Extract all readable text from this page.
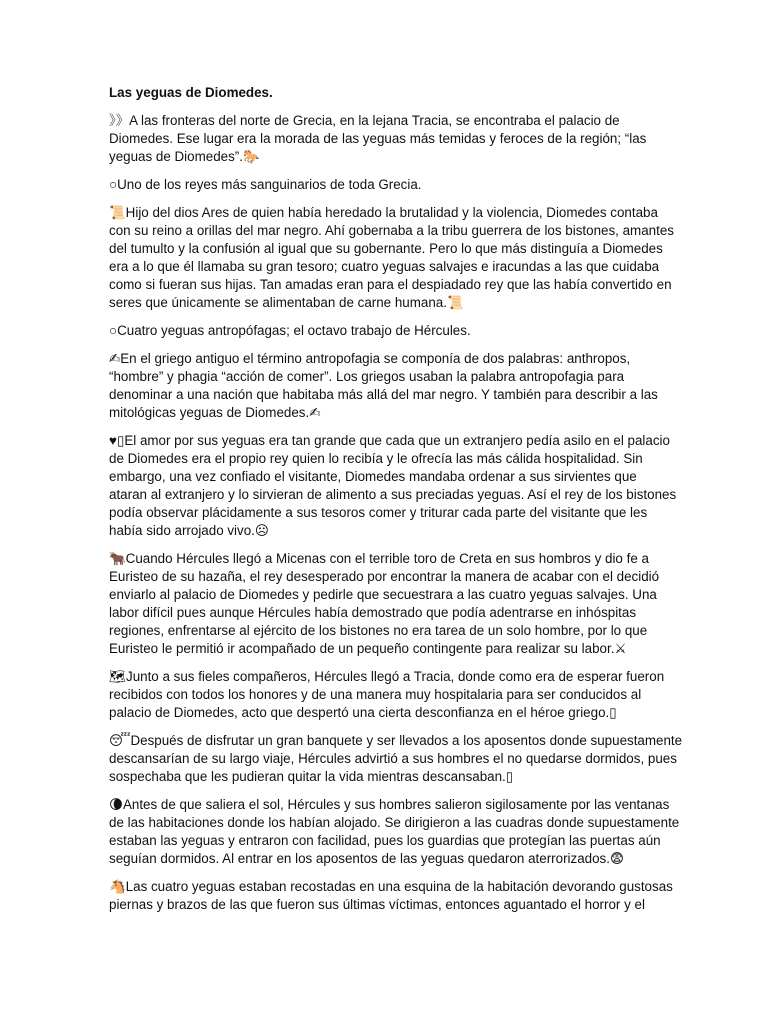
Las yeguas de Diomedes.
》》A las fronteras del norte de Grecia, en la lejana Tracia, se encontraba el palacio de
Diomedes. Ese lugar era la morada de las yeguas más temidas y feroces de la región; “las
yeguas de Diomedes”.🐎
○Uno de los reyes más sanguinarios de toda Grecia.
📜Hijo del dios Ares de quien había heredado la brutalidad y la violencia, Diomedes contaba
con su reino a orillas del mar negro. Ahí gobernaba a la tribu guerrera de los bistones, amantes
del tumulto y la confusión al igual que su gobernante. Pero lo que más distinguía a Diomedes
era a lo que él llamaba su gran tesoro; cuatro yeguas salvajes e iracundas a las que cuidaba
como si fueran sus hijas. Tan amadas eran para el despiadado rey que las había convertido en
seres que únicamente se alimentaban de carne humana.📜
○Cuatro yeguas antropófagas; el octavo trabajo de Hércules.
✍En el griego antiguo el término antropofagia se componía de dos palabras: anthropos,
“hombre” y phagia “acción de comer”. Los griegos usaban la palabra antropofagia para
denominar a una nación que habitaba más allá del mar negro. Y también para describir a las
mitológicas yeguas de Diomedes.✍
♥▯El amor por sus yeguas era tan grande que cada que un extranjero pedía asilo en el palacio
de Diomedes era el propio rey quien lo recibía y le ofrecía las más cálida hospitalidad. Sin
embargo, una vez confiado el visitante, Diomedes mandaba ordenar a sus sirvientes que
ataran al extranjero y lo sirvieran de alimento a sus preciadas yeguas. Así el rey de los bistones
podía observar plácidamente a sus tesoros comer y triturar cada parte del visitante que les
había sido arrojado vivo.☹
🐂Cuando Hércules llegó a Micenas con el terrible toro de Creta en sus hombros y dio fe a
Euristeo de su hazaña, el rey desesperado por encontrar la manera de acabar con el decidió
enviarlo al palacio de Diomedes y pedirle que secuestrara a las cuatro yeguas salvajes. Una
labor difícil pues aunque Hércules había demostrado que podía adentrarse en inhóspitas
regiones, enfrentarse al ejército de los bistones no era tarea de un solo hombre, por lo que
Euristeo le permitió ir acompañado de un pequeño contingente para realizar su labor.⚔
🗺Junto a sus fieles compañeros, Hércules llegó a Tracia, donde como era de esperar fueron
recibidos con todos los honores y de una manera muy hospitalaria para ser conducidos al
palacio de Diomedes, acto que despertó una cierta desconfianza en el héroe griego.▯
😴Después de disfrutar un gran banquete y ser llevados a los aposentos donde supuestamente
descansarían de su largo viaje, Hércules advirtió a sus hombres el no quedarse dormidos, pues
sospechaba que les pudieran quitar la vida mientras descansaban.▯
🌘Antes de que saliera el sol, Hércules y sus hombres salieron sigilosamente por las ventanas
de las habitaciones donde los habían alojado. Se dirigieron a las cuadras donde supuestamente
estaban las yeguas y entraron con facilidad, pues los guardias que protegían las puertas aún
seguían dormidos. Al entrar en los aposentos de las yeguas quedaron aterrorizados.😨
🐴Las cuatro yeguas estaban recostadas en una esquina de la habitación devorando gustosas
piernas y brazos de las que fueron sus últimas víctimas, entonces aguantado el horror y el
